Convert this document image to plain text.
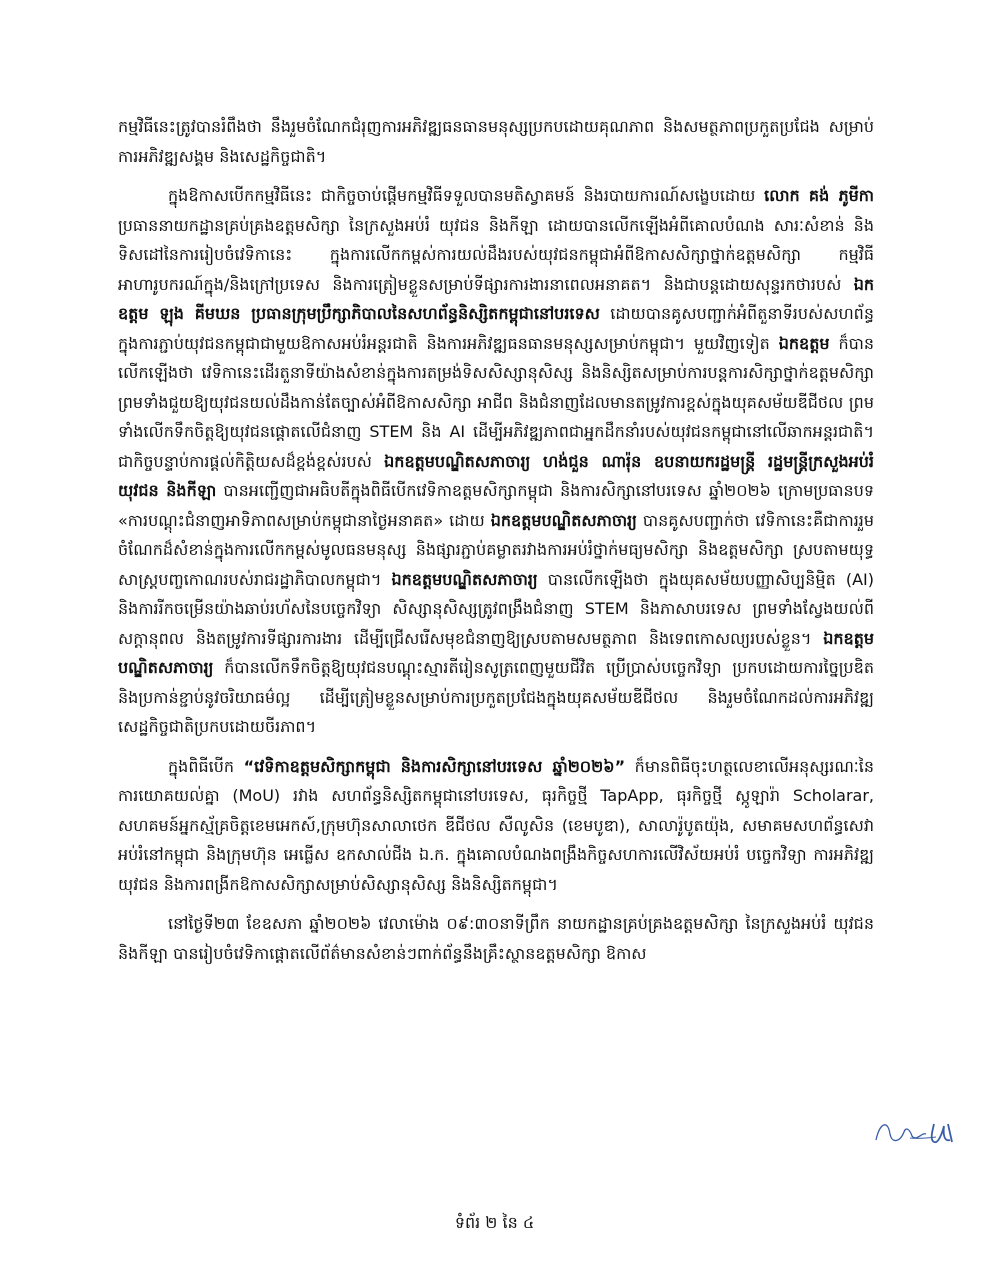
កម្មវិធីនេះត្រូវបានរំពឹងថា នឹងរួមចំណែកជំរុញការអភិវឌ្ឍធនធានមនុស្សប្រកបដោយគុណភាព និងសមត្ថភាពប្រកួតប្រជែង សម្រាប់ការអភិវឌ្ឍសង្គម និងសេដ្ឋកិច្ចជាតិ។

ក្នុងឱកាសបើកកម្មវិធីនេះ ជាកិច្ចចាប់ផ្តើមកម្មវិធីទទួលបានមតិស្វាគមន៍ និងរបាយការណ៍សង្ខេបដោយ លោក គង់ ភូមីកា ប្រធាននាយកដ្ឋានគ្រប់គ្រងឧត្តមសិក្សា នៃក្រសួងអប់រំ យុវជន និងកីឡា ដោយបានលើកឡើងអំពីគោលបំណង សារៈសំខាន់ និងទិសដៅនៃការរៀបចំវេទិកានេះ ក្នុងការលើកកម្ពស់ការយល់ដឹងរបស់យុវជនកម្ពុជាអំពីឱកាសសិក្សាថ្នាក់ឧត្តមសិក្សា កម្មវិធីអាហារូបករណ៍ក្នុង/និងក្រៅប្រទេស និងការត្រៀមខ្លួនសម្រាប់ទីផ្សារការងារនាពេលអនាគត។ និងជាបន្តដោយសុន្ទរកថារបស់ ឯកឧត្តម ឡុង គីមឃន ប្រធានក្រុមប្រឹក្សាភិបាលនៃសហព័ន្ធនិស្សិតកម្ពុជានៅបរទេស ដោយបានគូសបញ្ជាក់អំពីតួនាទីរបស់សហព័ន្ធ ក្នុងការភ្ជាប់យុវជនកម្ពុជាជាមួយឱកាសអប់រំអន្តរជាតិ និងការអភិវឌ្ឍធនធានមនុស្សសម្រាប់កម្ពុជា។ មួយវិញទៀត ឯកឧត្តម ក៏បានលើកឡើងថា វេទិកានេះដើរតួនាទីយ៉ាងសំខាន់ក្នុងការតម្រង់ទិសសិស្សានុសិស្ស និងនិស្សិតសម្រាប់ការបន្តការសិក្សាថ្នាក់ឧត្តមសិក្សា ព្រមទាំងជួយឱ្យយុវជនយល់ដឹងកាន់តែច្បាស់អំពីឱកាសសិក្សា អាជីព និងជំនាញដែលមានតម្រូវការខ្ពស់ក្នុងយុគសម័យឌីជីថល ព្រមទាំងលើកទឹកចិត្តឱ្យយុវជនផ្តោតលើជំនាញ STEM និង AI ដើម្បីអភិវឌ្ឍភាពជាអ្នកដឹកនាំរបស់យុវជនកម្ពុជានៅលើឆាកអន្តរជាតិ។ ជាកិច្ចបន្ទាប់ការផ្តល់កិត្តិយសដ៏ខ្ពង់ខ្ពស់របស់ ឯកឧត្តមបណ្ឌិតសភាចារ្យ ហង់ជួន ណារ៉ុន ឧបនាយករដ្ឋមន្ត្រី រដ្ឋមន្ត្រីក្រសួងអប់រំ យុវជន និងកីឡា បានអញ្ជើញជាអធិបតីក្នុងពិធីបើកវេទិកាឧត្តមសិក្សាកម្ពុជា និងការសិក្សានៅបរទេស ឆ្នាំ២០២៦ ក្រោមប្រធានបទ «ការបណ្តុះជំនាញអាទិភាពសម្រាប់កម្ពុជានាថ្ងៃអនាគត» ដោយ ឯកឧត្តមបណ្ឌិតសភាចារ្យ បានគូសបញ្ជាក់ថា វេទិកានេះគឺជាការរួមចំណែកដ៏សំខាន់ក្នុងការលើកកម្ពស់មូលធនមនុស្ស និងផ្សារភ្ជាប់គម្លាតរវាងការអប់រំថ្នាក់មធ្យមសិក្សា និងឧត្តមសិក្សា ស្របតាមយុទ្ធសាស្ត្របញ្ចកោណរបស់រាជរដ្ឋាភិបាលកម្ពុជា។ ឯកឧត្តមបណ្ឌិតសភាចារ្យ បានលើកឡើងថា ក្នុងយុគសម័យបញ្ញាសិប្បនិម្មិត (AI) និងការរីកចម្រើនយ៉ាងឆាប់រហ័សនៃបច្ចេកវិទ្យា សិស្សានុសិស្សត្រូវពង្រឹងជំនាញ STEM និងភាសាបរទេស ព្រមទាំងស្វែងយល់ពីសក្តានុពល និងតម្រូវការទីផ្សារការងារ ដើម្បីជ្រើសរើសមុខជំនាញឱ្យស្របតាមសមត្ថភាព និងទេពកោសល្យរបស់ខ្លួន។ ឯកឧត្តមបណ្ឌិតសភាចារ្យ ក៏បានលើកទឹកចិត្តឱ្យយុវជនបណ្តុះស្មារតីរៀនសូត្រពេញមួយជីវិត ប្រើប្រាស់បច្ចេកវិទ្យា ប្រកបដោយការច្នៃប្រឌិត និងប្រកាន់ខ្ជាប់នូវចរិយាធម៌ល្អ ដើម្បីត្រៀមខ្លួនសម្រាប់ការប្រកួតប្រជែងក្នុងយុគសម័យឌីជីថល និងរួមចំណែកដល់ការអភិវឌ្ឍសេដ្ឋកិច្ចជាតិប្រកបដោយចីរភាព។

ក្នុងពិធីបើក “វេទិកាឧត្តមសិក្សាកម្ពុជា និងការសិក្សានៅបរទេស ឆ្នាំ២០២៦” ក៏មានពិធីចុះហត្ថលេខាលើអនុស្សរណៈនៃការយោគយល់គ្នា (MoU) រវាង សហព័ន្ធនិស្សិតកម្ពុជានៅបរទេស, ធុរកិច្ចថ្មី TapApp, ធុរកិច្ចថ្មី ស្កូឡារ៉ា Scholarar, សហគមន៍អ្នកស្ម័គ្រចិត្តខេមអេកស៍,ក្រុមហ៊ុនសាលាថេក ឌីជីថល សឺលូសិន (ខេមបូឌា), សាលារ៉ូបូតយ៉ុង, សមាគមសហព័ន្ធសេវាអប់រំនៅកម្ពុជា និងក្រុមហ៊ុន អេធ្លើស ឧកសាល់ជីង ឯ.ក. ក្នុងគោលបំណងពង្រឹងកិច្ចសហការលើវិស័យអប់រំ បច្ចេកវិទ្យា ការអភិវឌ្ឍយុវជន និងការពង្រីកឱកាសសិក្សាសម្រាប់សិស្សានុសិស្ស និងនិស្សិតកម្ពុជា។

នៅថ្ងៃទី២៣ ខែឧសភា ឆ្នាំ២០២៦ វេលាម៉ោង ០៩:៣០នាទីព្រឹក នាយកដ្ឋានគ្រប់គ្រងឧត្តមសិក្សា នៃក្រសួងអប់រំ យុវជន និងកីឡា បានរៀបចំវេទិកាផ្តោតលើព័ត៌មានសំខាន់ៗពាក់ព័ន្ធនឹងគ្រឹះស្ថានឧត្តមសិក្សា ឱកាស

ទំព័រ ២ នៃ ៤
